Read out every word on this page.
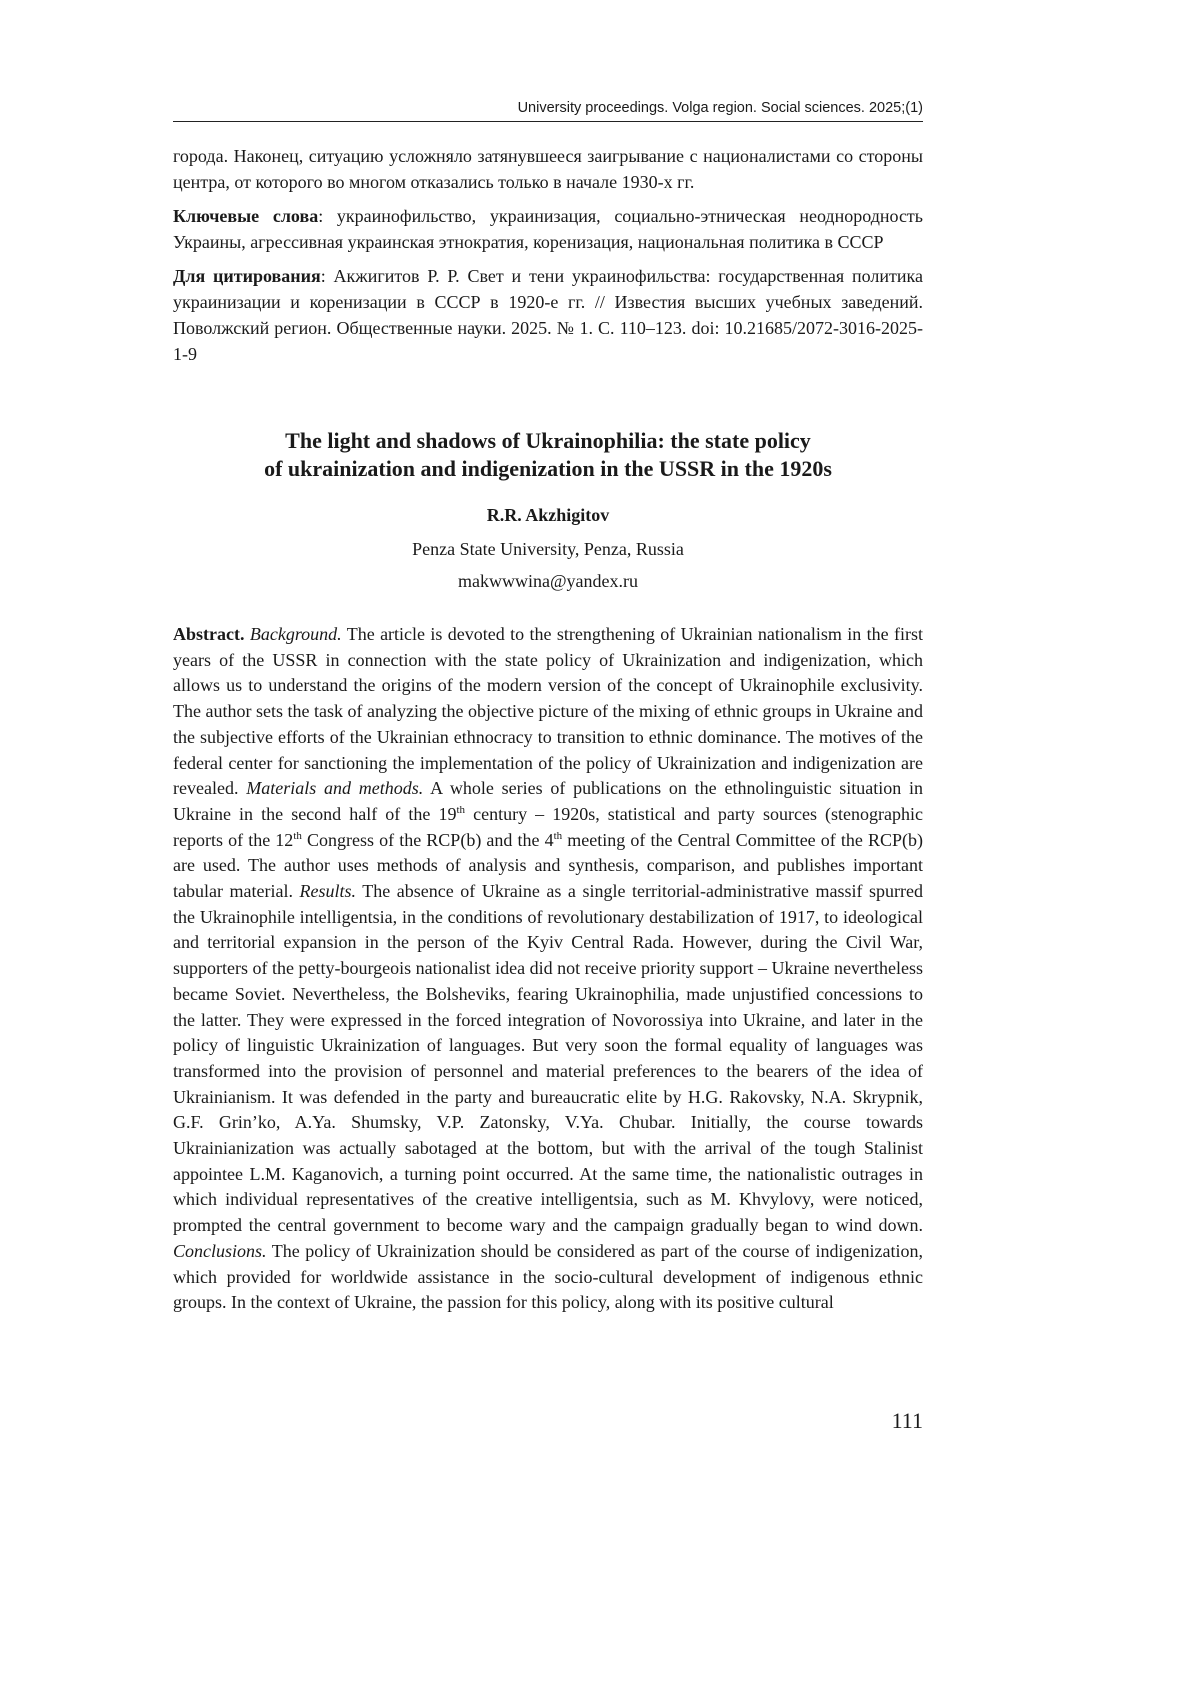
University proceedings. Volga region. Social sciences. 2025;(1)

города. Наконец, ситуацию усложняло затянувшееся заигрывание с националистами со стороны центра, от которого во многом отказались только в начале 1930-х гг.

Ключевые слова: украинофильство, украинизация, социально-этническая неоднородность Украины, агрессивная украинская этнократия, коренизация, национальная политика в СССР

Для цитирования: Акжигитов Р. Р. Свет и тени украинофильства: государственная политика украинизации и коренизации в СССР в 1920-е гг. // Известия высших учебных заведений. Поволжский регион. Общественные науки. 2025. № 1. С. 110–123. doi: 10.21685/2072-3016-2025-1-9

The light and shadows of Ukrainophilia: the state policy
of ukrainization and indigenization in the USSR in the 1920s
R.R. Akzhigitov
Penza State University, Penza, Russia
makwwwina@yandex.ru
Abstract. Background. The article is devoted to the strengthening of Ukrainian nationalism in the first years of the USSR in connection with the state policy of Ukrainization and indigenization, which allows us to understand the origins of the modern version of the concept of Ukrainophile exclusivity. The author sets the task of analyzing the objective picture of the mixing of ethnic groups in Ukraine and the subjective efforts of the Ukrainian ethnocracy to transition to ethnic dominance. The motives of the federal center for sanctioning the implementation of the policy of Ukrainization and indigenization are revealed. Materials and methods. A whole series of publications on the ethnolinguistic situation in Ukraine in the second half of the 19th century – 1920s, statistical and party sources (stenographic reports of the 12th Congress of the RCP(b) and the 4th meeting of the Central Committee of the RCP(b) are used. The author uses methods of analysis and synthesis, comparison, and publishes important tabular material. Results. The absence of Ukraine as a single territorial-administrative massif spurred the Ukrainophile intelligentsia, in the conditions of revolutionary destabilization of 1917, to ideological and territorial expansion in the person of the Kyiv Central Rada. However, during the Civil War, supporters of the petty-bourgeois nationalist idea did not receive priority support – Ukraine nevertheless became Soviet. Nevertheless, the Bolsheviks, fearing Ukrainophilia, made unjustified concessions to the latter. They were expressed in the forced integration of Novorossiya into Ukraine, and later in the policy of linguistic Ukrainization of languages. But very soon the formal equality of languages was transformed into the provision of personnel and material preferences to the bearers of the idea of Ukrainianism. It was defended in the party and bureaucratic elite by H.G. Rakovsky, N.A. Skrypnik, G.F. Grin’ko, A.Ya. Shumsky, V.P. Zatonsky, V.Ya. Chubar. Initially, the course towards Ukrainianization was actually sabotaged at the bottom, but with the arrival of the tough Stalinist appointee L.M. Kaganovich, a turning point occurred. At the same time, the nationalistic outrages in which individual representatives of the creative intelligentsia, such as M. Khvylovy, were noticed, prompted the central government to become wary and the campaign gradually began to wind down. Conclusions. The policy of Ukrainization should be considered as part of the course of indigenization, which provided for worldwide assistance in the socio-cultural development of indigenous ethnic groups. In the context of Ukraine, the passion for this policy, along with its positive cultural
111
